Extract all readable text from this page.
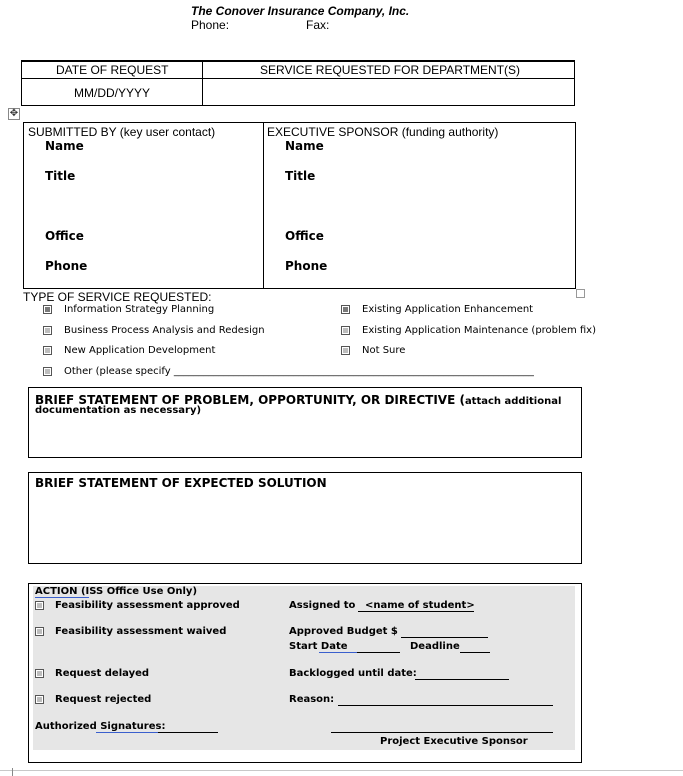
The Conover Insurance Company, Inc.
Phone:	Fax:
DATE OF REQUEST
MM/DD/YYYY
SERVICE REQUESTED FOR DEPARTMENT(S)
✥
SUBMITTED BY (key user contact)
Name
Title
Office
Phone
EXECUTIVE SPONSOR (funding authority)
Name
Title
Office
Phone
TYPE OF SERVICE REQUESTED:
Information Strategy Planning
Business Process Analysis and Redesign
New Application Development
Other (please specify ________________________________________________________________________
Existing Application Enhancement
Existing Application Maintenance (problem fix)
Not Sure
BRIEF STATEMENT OF PROBLEM, OPPORTUNITY, OR DIRECTIVE (attach additional
documentation as necessary)
BRIEF STATEMENT OF EXPECTED SOLUTION
ACTION (ISS Office Use Only)
Feasibility assessment approved
Feasibility assessment waived
Request delayed
Request rejected
Authorized Signatures:
Assigned to <name of student>
Approved Budget $
Start Date	Deadline
Backlogged until date:
Reason:
Project Executive Sponsor
